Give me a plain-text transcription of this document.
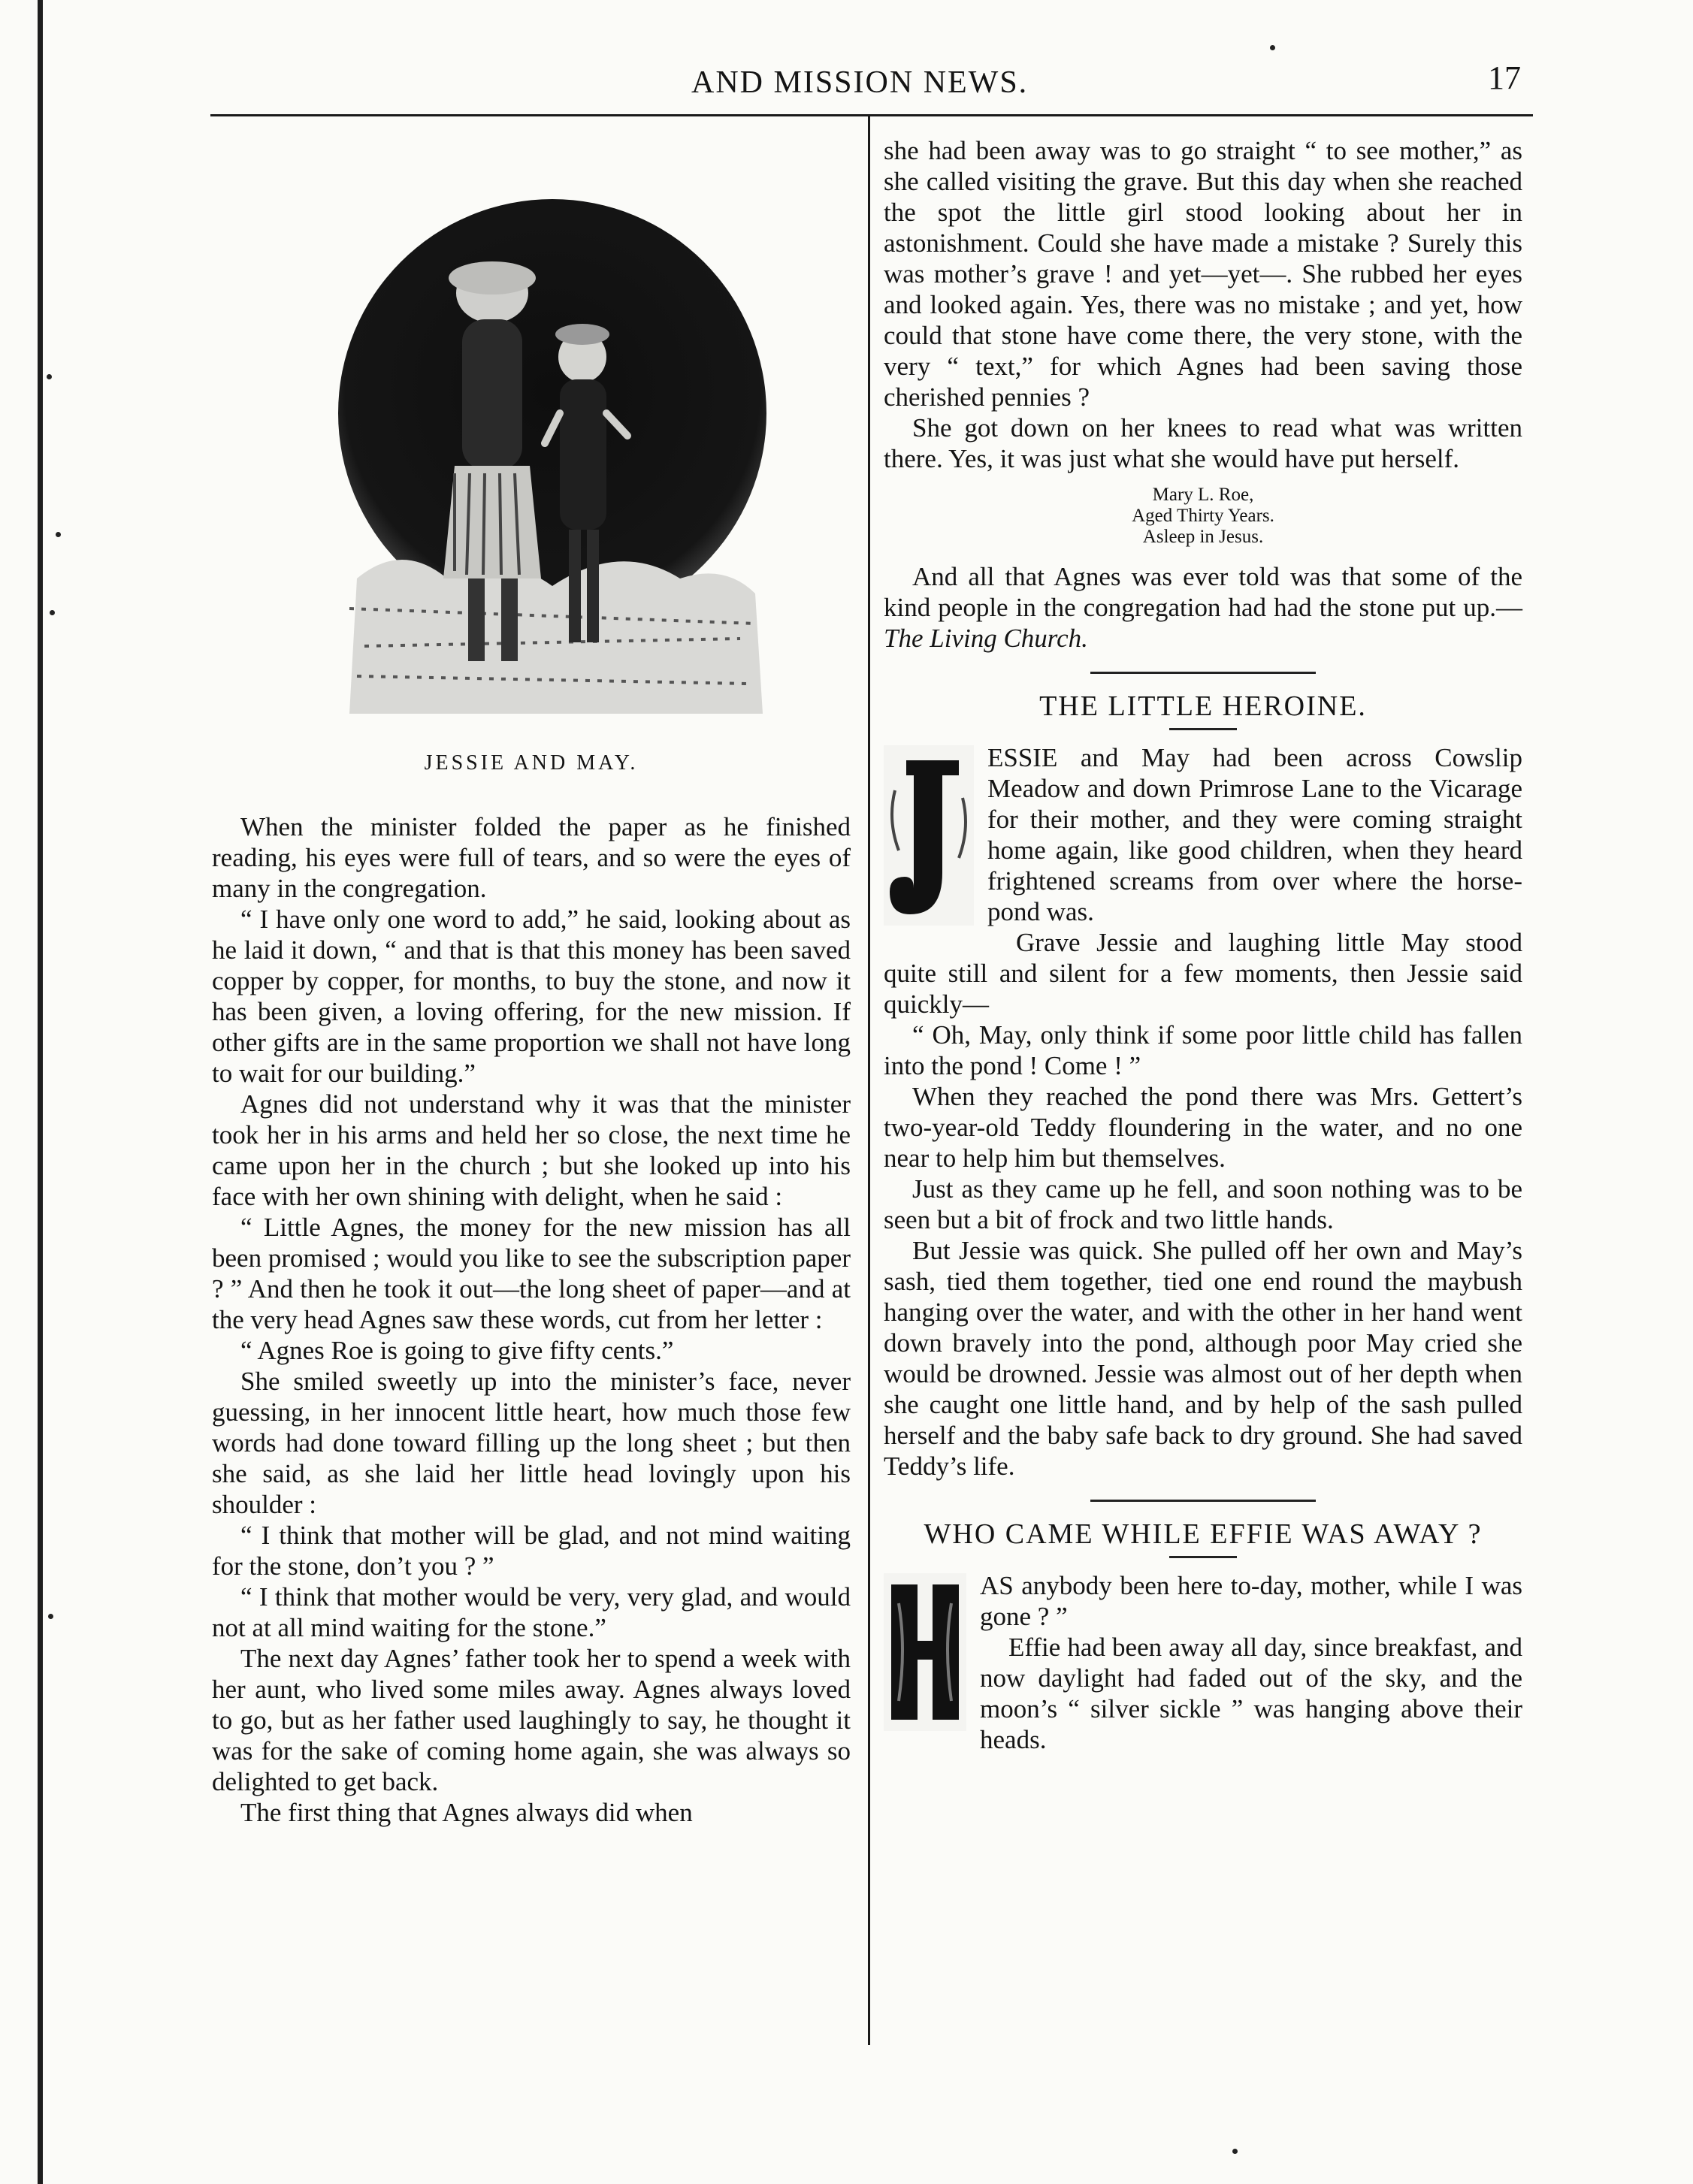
AND MISSION NEWS.	17
JESSIE AND MAY.

When the minister folded the paper as he finished reading, his eyes were full of tears, and so were the eyes of many in the congregation.

“ I have only one word to add,” he said, looking about as he laid it down, “ and that is that this money has been saved copper by copper, for months, to buy the stone, and now it has been given, a loving offering, for the new mission. If other gifts are in the same proportion we shall not have long to wait for our building.”

Agnes did not understand why it was that the minister took her in his arms and held her so close, the next time he came upon her in the church ; but she looked up into his face with her own shining with delight, when he said :

“ Little Agnes, the money for the new mission has all been promised ; would you like to see the subscription paper ? ” And then he took it out—the long sheet of paper—and at the very head Agnes saw these words, cut from her letter :

“ Agnes Roe is going to give fifty cents.”

She smiled sweetly up into the minister’s face, never guessing, in her innocent little heart, how much those few words had done toward filling up the long sheet ; but then she said, as she laid her little head lovingly upon his shoulder :

“ I think that mother will be glad, and not mind waiting for the stone, don’t you ? ”

“ I think that mother would be very, very glad, and would not at all mind waiting for the stone.”

The next day Agnes’ father took her to spend a week with her aunt, who lived some miles away. Agnes always loved to go, but as her father used laughingly to say, he thought it was for the sake of coming home again, she was always so delighted to get back.

The first thing that Agnes always did when

she had been away was to go straight “ to see mother,” as she called visiting the grave. But this day when she reached the spot the little girl stood looking about her in astonishment. Could she have made a mistake ? Surely this was mother’s grave ! and yet—yet—. She rubbed her eyes and looked again. Yes, there was no mistake ; and yet, how could that stone have come there, the very stone, with the very “ text,” for which Agnes had been saving those cherished pennies ?

She got down on her knees to read what was written there. Yes, it was just what she would have put herself.

Mary L. Roe,
Aged Thirty Years.
Asleep in Jesus.

And all that Agnes was ever told was that some of the kind people in the congregation had had the stone put up.—The Living Church.

THE LITTLE HEROINE.

ESSIE and May had been across Cowslip Meadow and down Primrose Lane to the Vicarage for their mother, and they were coming straight home again, like good children, when they heard frightened screams from over where the horse-pond was.

Grave Jessie and laughing little May stood quite still and silent for a few moments, then Jessie said quickly—

“ Oh, May, only think if some poor little child has fallen into the pond ! Come ! ”

When they reached the pond there was Mrs. Gettert’s two-year-old Teddy floundering in the water, and no one near to help him but themselves.

Just as they came up he fell, and soon nothing was to be seen but a bit of frock and two little hands.

But Jessie was quick. She pulled off her own and May’s sash, tied them together, tied one end round the maybush hanging over the water, and with the other in her hand went down bravely into the pond, although poor May cried she would be drowned. Jessie was almost out of her depth when she caught one little hand, and by help of the sash pulled herself and the baby safe back to dry ground. She had saved Teddy’s life.

WHO CAME WHILE EFFIE WAS AWAY ?

AS anybody been here to-day, mother, while I was gone ? ”

Effie had been away all day, since breakfast, and now daylight had faded out of the sky, and the moon’s “ silver sickle ” was hanging above their heads.
